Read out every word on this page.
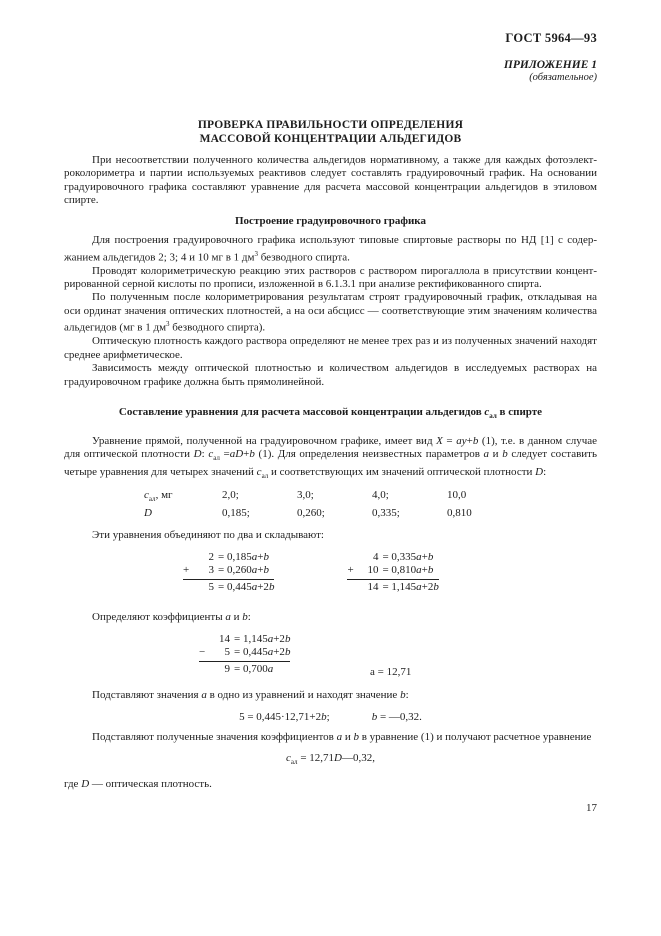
ГОСТ 5964—93
ПРИЛОЖЕНИЕ 1
(обязательное)
ПРОВЕРКА ПРАВИЛЬНОСТИ ОПРЕДЕЛЕНИЯ
МАССОВОЙ КОНЦЕНТРАЦИИ АЛЬДЕГИДОВ
При несоответствии полученного количества альдегидов нормативному, а также для каждых фотоэлект-
роколориметра и партии используемых реактивов следует составлять градуировочный график. На основании
градуировочного графика составляют уравнение для расчета массовой концентрации альдегидов в этиловом
спирте.
Построение градуировочного графика
Для построения градуировочного графика используют типовые спиртовые растворы по НД [1] с содер-
жанием альдегидов 2; 3; 4 и 10 мг в 1 $дм^3$ безводного спирта.
Проводят колориметрическую реакцию этих растворов с раствором пирогаллола в присутствии концент-
рированной серной кислоты по прописи, изложенной в 6.1.3.1 при анализе ректификованного спирта.
По полученным после колориметрирования результатам строят градуировочный график, откладывая на
оси ординат значения оптических плотностей, а на оси абсцисс — соответствующие этим значениям количества
альдегидов (мг в 1 $дм^3$ безводного спирта).
Оптическую плотность каждого раствора определяют не менее трех раз и из полученных значений находят
среднее арифметическое.
Зависимость между оптической плотностью и количеством альдегидов в исследуемых растворах на
градуировочном графике должна быть прямолинейной.
Составление уравнения для расчета массовой концентрации альдегидов $с_{ал}$ в спирте
Уравнение прямой, полученной на градуировочном графике, имеет вид X = ay+b (1), т.е. в данном случае
для оптической плотности D: $с_{ал} =aD+b$ (1). Для определения неизвестных параметров a и b следует составить
четыре уравнения для четырех значений $с_{ал}$ и соответствующих им значений оптической плотности D:
$с_{ал}$, мг	2,0;	3,0;	4,0;	10,0
D	0,185;	0,260;	0,335;	0,810
Эти уравнения объединяют по два и складывают:
2 = 0,185a+b
+	3 = 0,260a+b
5 = 0,445a+2b
4 = 0,335a+b
+	10 = 0,810a+b
14 = 1,145a+2b
Определяют коэффициенты a и b:
14 = 1,145a+2b
−	5 = 0,445a+2b
9 = 0,700a	а = 12,71
Подставляют значения a в одно из уравнений и находят значение b:
5 = 0,445·12,71+2b;	b = —0,32.
Подставляют полученные значения коэффициентов a и b в уравнение (1) и получают расчетное уравнение
$с_{ал}$ = 12,71D—0,32,
где D — оптическая плотность.
17
